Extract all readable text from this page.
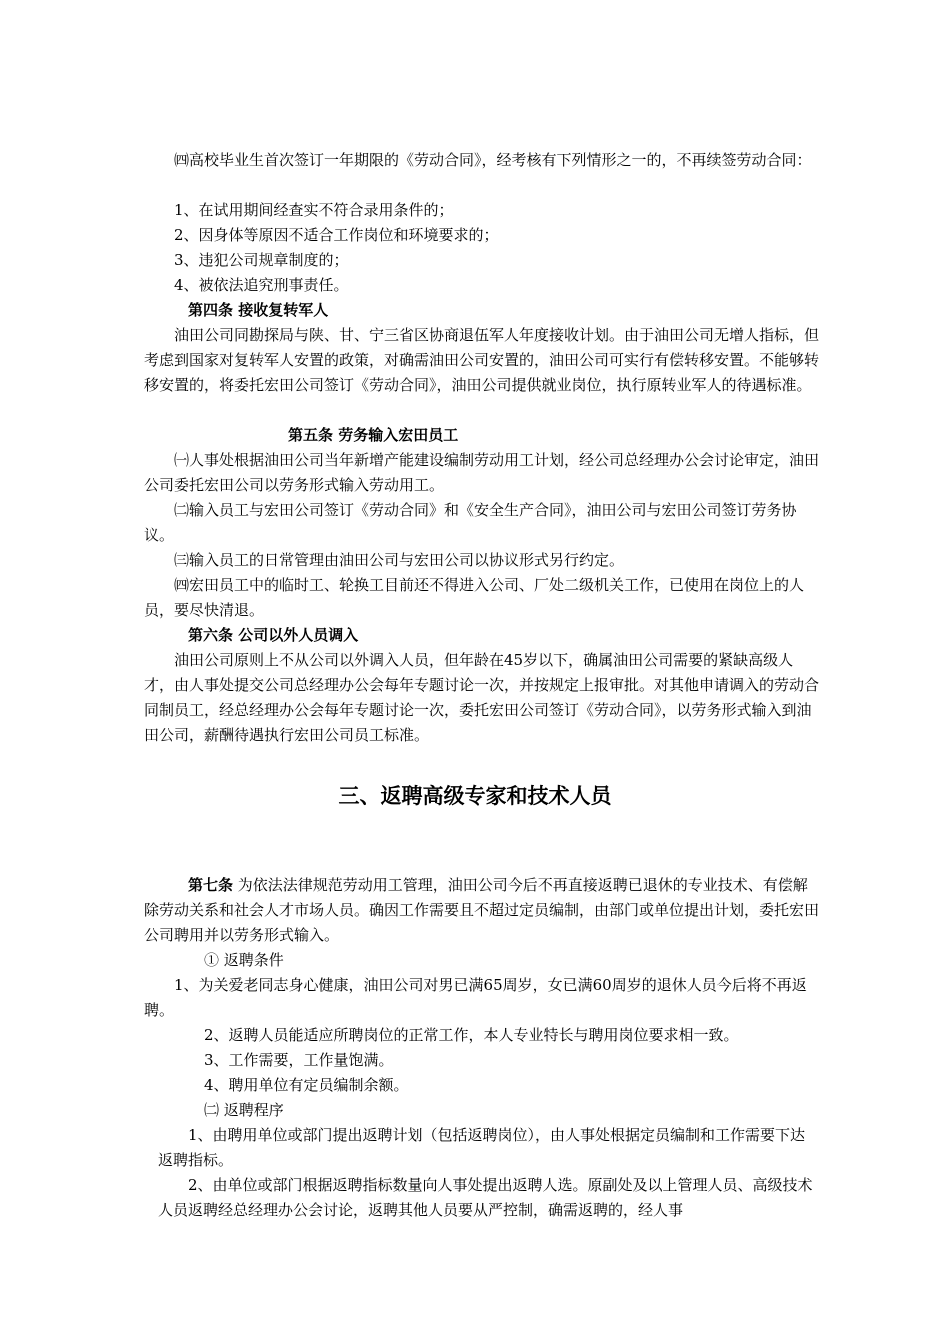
㈣高校毕业生首次签订一年期限的《劳动合同》，经考核有下列情形之一的，不再续签劳动合同：

1、在试用期间经查实不符合录用条件的；

2、因身体等原因不适合工作岗位和环境要求的；

3、违犯公司规章制度的；

4、被依法追究刑事责任。

第四条 接收复转军人

油田公司同勘探局与陕、甘、宁三省区协商退伍军人年度接收计划。由于油田公司无增人指标，但考虑到国家对复转军人安置的政策，对确需油田公司安置的，油田公司可实行有偿转移安置。不能够转移安置的，将委托宏田公司签订《劳动合同》，油田公司提供就业岗位，执行原转业军人的待遇标准。

第五条 劳务输入宏田员工

㈠人事处根据油田公司当年新增产能建设编制劳动用工计划，经公司总经理办公会讨论审定，油田公司委托宏田公司以劳务形式输入劳动用工。

㈡输入员工与宏田公司签订《劳动合同》和《安全生产合同》，油田公司与宏田公司签订劳务协议。

㈢输入员工的日常管理由油田公司与宏田公司以协议形式另行约定。

㈣宏田员工中的临时工、轮换工目前还不得进入公司、厂处二级机关工作，已使用在岗位上的人员，要尽快清退。

第六条 公司以外人员调入

油田公司原则上不从公司以外调入人员，但年龄在45岁以下，确属油田公司需要的紧缺高级人才，由人事处提交公司总经理办公会每年专题讨论一次，并按规定上报审批。对其他申请调入的劳动合同制员工，经总经理办公会每年专题讨论一次，委托宏田公司签订《劳动合同》，以劳务形式输入到油田公司，薪酬待遇执行宏田公司员工标准。

三、返聘高级专家和技术人员

第七条 为依法法律规范劳动用工管理，油田公司今后不再直接返聘已退休的专业技术、有偿解除劳动关系和社会人才市场人员。确因工作需要且不超过定员编制，由部门或单位提出计划，委托宏田公司聘用并以劳务形式输入。

① 返聘条件

1、为关爱老同志身心健康，油田公司对男已满65周岁，女已满60周岁的退休人员今后将不再返聘。

2、返聘人员能适应所聘岗位的正常工作，本人专业特长与聘用岗位要求相一致。

3、工作需要，工作量饱满。

4、聘用单位有定员编制余额。

㈡ 返聘程序

1、由聘用单位或部门提出返聘计划（包括返聘岗位），由人事处根据定员编制和工作需要下达返聘指标。

2、由单位或部门根据返聘指标数量向人事处提出返聘人选。原副处及以上管理人员、高级技术人员返聘经总经理办公会讨论，返聘其他人员要从严控制，确需返聘的，经人事
